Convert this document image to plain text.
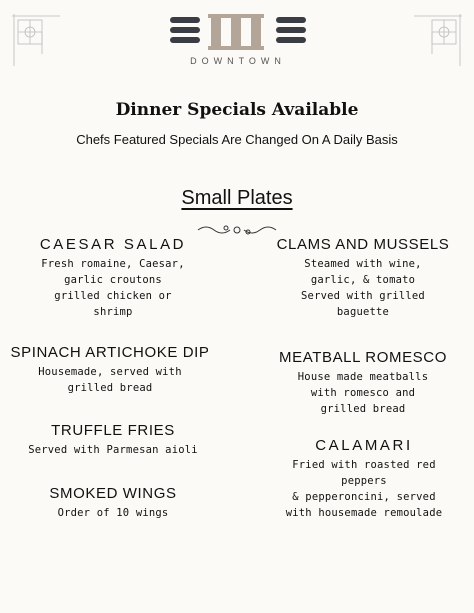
DOWNTOWN
Dinner Specials Available
Chefs Featured Specials Are Changed On A Daily Basis
Small Plates
CAESAR SALAD
Fresh romaine, Caesar,
garlic croutons
grilled chicken or
shrimp
CLAMS AND MUSSELS
Steamed with wine,
garlic, & tomato
Served with grilled
baguette
SPINACH ARTICHOKE DIP
Housemade, served with
grilled bread
MEATBALL ROMESCO
House made meatballs
with romesco and
grilled bread
TRUFFLE FRIES
Served with Parmesan aioli	CALAMARI
Fried with roasted red
peppers
& pepperoncini, served
with housemade remoulade
SMOKED WINGS
Order of 10 wings
